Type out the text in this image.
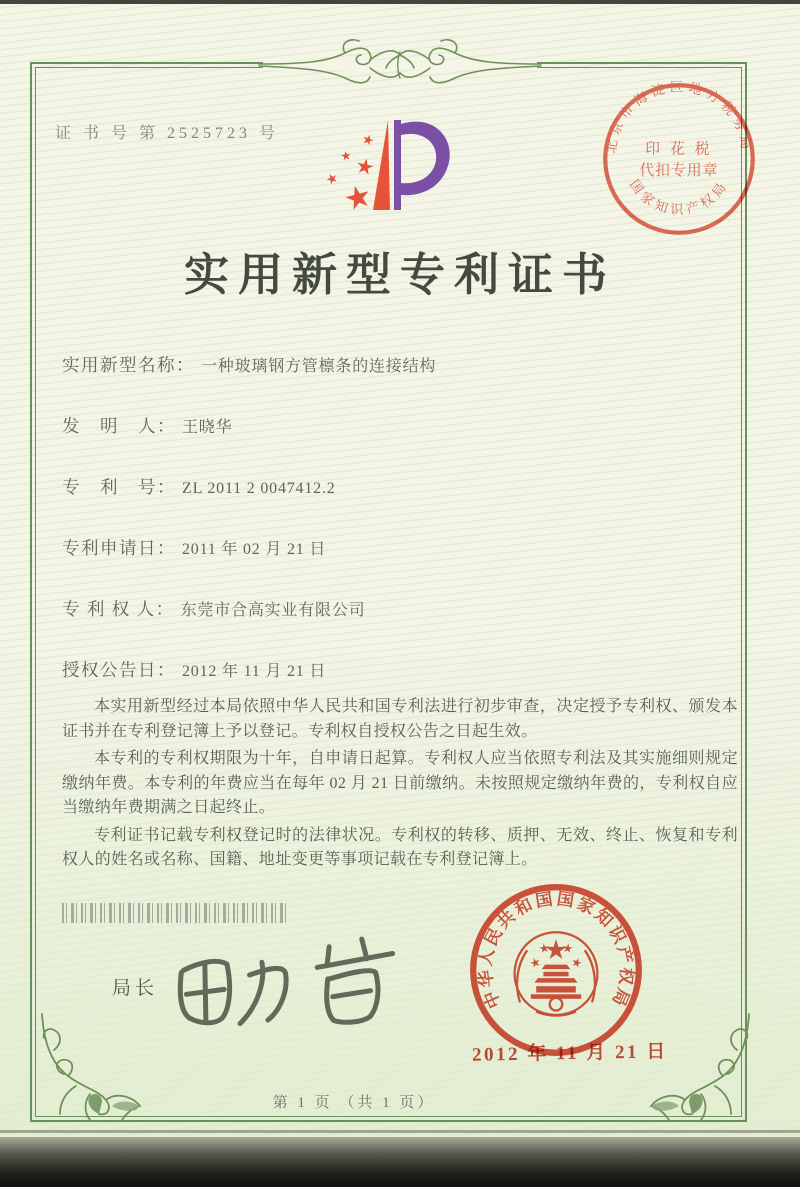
证 书 号 第 2525723 号
北京市海淀区地方税务局
印 花 税
代扣专用章
国家知识产权局
实用新型专利证书
实用新型名称： 一种玻璃钢方管檩条的连接结构
发　明　人： 王晓华
专　利　号： ZL 2011 2 0047412.2
专利申请日： 2011 年 02 月 21 日
专 利 权 人： 东莞市合高实业有限公司
授权公告日： 2012 年 11 月 21 日

本实用新型经过本局依照中华人民共和国专利法进行初步审查，决定授予专利权、颁发本证书并在专利登记簿上予以登记。专利权自授权公告之日起生效。

本专利的专利权期限为十年，自申请日起算。专利权人应当依照专利法及其实施细则规定缴纳年费。本专利的年费应当在每年 02 月 21 日前缴纳。未按照规定缴纳年费的，专利权自应当缴纳年费期满之日起终止。

专利证书记载专利权登记时的法律状况。专利权的转移、质押、无效、终止、恢复和专利权人的姓名或名称、国籍、地址变更等事项记载在专利登记簿上。

局长	中华人民共和国国家知识产权局
2012 年 11 月 21 日
第 1 页 （共 1 页）
